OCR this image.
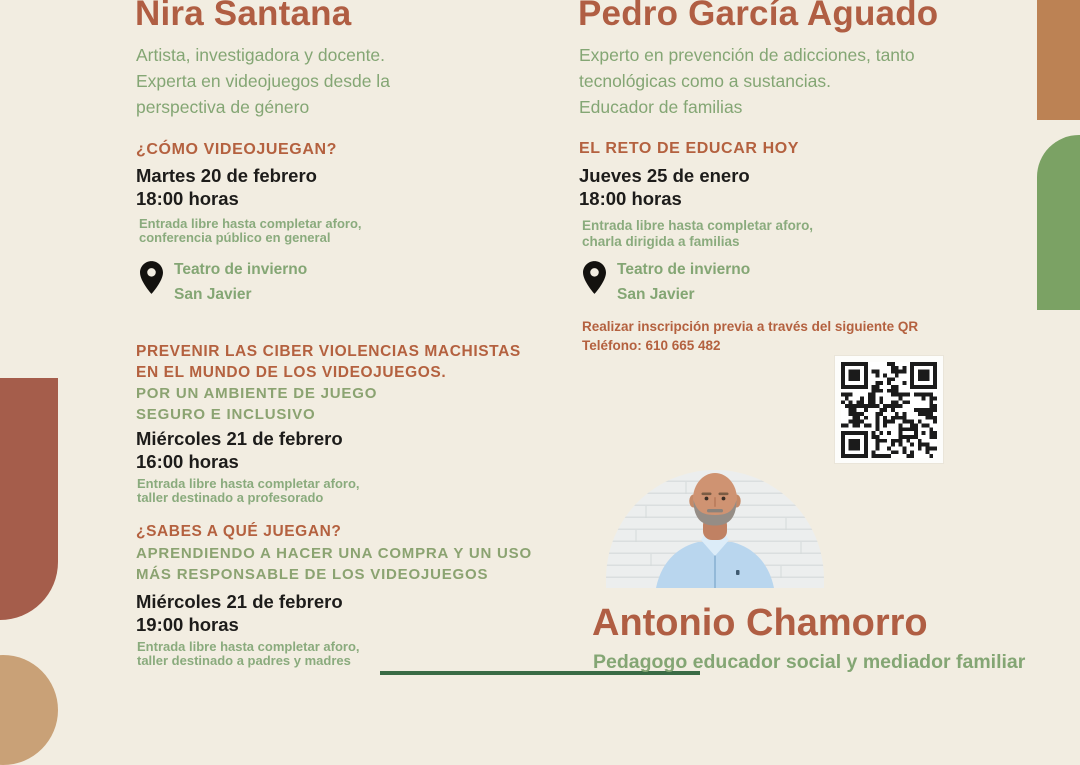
Nira Santana
Artista, investigadora y docente.
Experta en videojuegos desde la
perspectiva de género
¿CÓMO VIDEOJUEGAN?
Martes 20 de febrero
18:00 horas
Entrada libre hasta completar aforo,
conferencia público en general
Teatro de invierno
San Javier
PREVENIR LAS CIBER VIOLENCIAS MACHISTAS
EN EL MUNDO DE LOS VIDEOJUEGOS.
POR UN AMBIENTE DE JUEGO
SEGURO E INCLUSIVO
Miércoles 21 de febrero
16:00 horas
Entrada libre hasta completar aforo,
taller destinado a profesorado
¿SABES A QUÉ JUEGAN?
APRENDIENDO A HACER UNA COMPRA Y UN USO
MÁS RESPONSABLE DE LOS VIDEOJUEGOS
Miércoles 21 de febrero
19:00 horas
Entrada libre hasta completar aforo,
taller destinado a padres y madres
Pedro García Aguado
Experto en prevención de adicciones, tanto
tecnológicas como a sustancias.
Educador de familias
EL RETO DE EDUCAR HOY
Jueves 25 de enero
18:00 horas
Entrada libre hasta completar aforo,
charla dirigida a familias
Teatro de invierno
San Javier
Realizar inscripción previa a través del siguiente QR
Teléfono: 610 665 482
Antonio Chamorro
Pedagogo educador social y mediador familiar
